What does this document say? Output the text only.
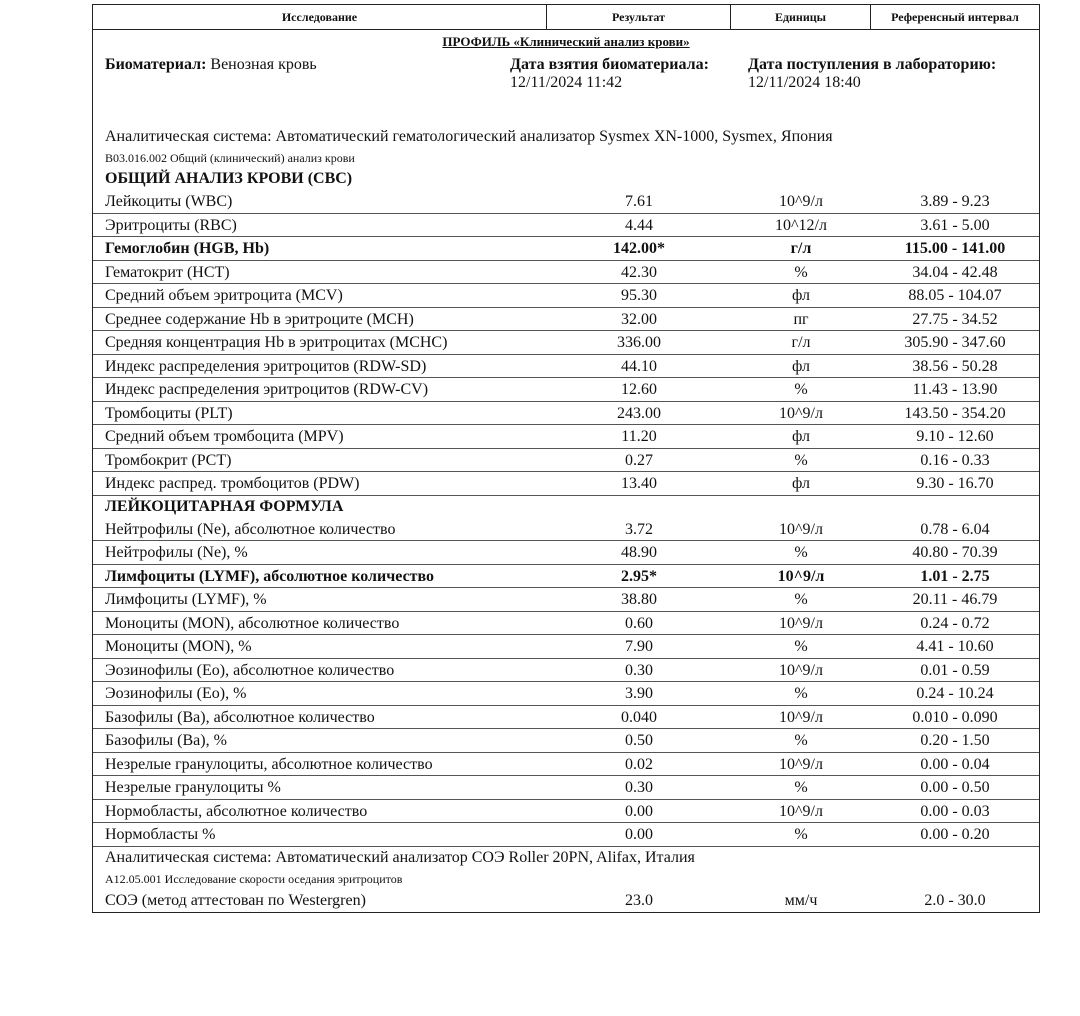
Исследование	Результат	Единицы	Референсный интервал
ПРОФИЛЬ «Клинический анализ крови»
Биоматериал: Венозная кровь	Дата взятия биоматериала:
12/11/2024 11:42
Дата поступления в лабораторию:
12/11/2024 18:40
Аналитическая система: Автоматический гематологический анализатор Sysmex XN-1000, Sysmex, Япония
B03.016.002 Общий (клинический) анализ крови
ОБЩИЙ АНАЛИЗ КРОВИ (CBC)
Лейкоциты (WBC)	7.61	10^9/л	3.89 - 9.23
Эритроциты (RBC)	4.44	10^12/л	3.61 - 5.00
Гемоглобин (HGB, Hb)	142.00*	г/л	115.00 - 141.00
Гематокрит (HCT)	42.30	%	34.04 - 42.48
Средний объем эритроцита (MCV)	95.30	фл	88.05 - 104.07
Среднее содержание Hb в эритроците (MCH)	32.00	пг	27.75 - 34.52
Средняя концентрация Hb в эритроцитах (MCHC)	336.00	г/л	305.90 - 347.60
Индекс распределения эритроцитов (RDW-SD)	44.10	фл	38.56 - 50.28
Индекс распределения эритроцитов (RDW-CV)	12.60	%	11.43 - 13.90
Тромбоциты (PLT)	243.00	10^9/л	143.50 - 354.20
Средний объем тромбоцита (MPV)	11.20	фл	9.10 - 12.60
Тромбокрит (PCT)	0.27	%	0.16 - 0.33
Индекс распред. тромбоцитов (PDW)	13.40	фл	9.30 - 16.70
ЛЕЙКОЦИТАРНАЯ ФОРМУЛА
Нейтрофилы (Ne), абсолютное количество	3.72	10^9/л	0.78 - 6.04
Нейтрофилы (Ne), %	48.90	%	40.80 - 70.39
Лимфоциты (LYMF), абсолютное количество	2.95*	10^9/л	1.01 - 2.75
Лимфоциты (LYMF), %	38.80	%	20.11 - 46.79
Моноциты (MON), абсолютное количество	0.60	10^9/л	0.24 - 0.72
Моноциты (MON), %	7.90	%	4.41 - 10.60
Эозинофилы (Eo), абсолютное количество	0.30	10^9/л	0.01 - 0.59
Эозинофилы (Eo), %	3.90	%	0.24 - 10.24
Базофилы (Ba), абсолютное количество	0.040	10^9/л	0.010 - 0.090
Базофилы (Ba), %	0.50	%	0.20 - 1.50
Незрелые гранулоциты, абсолютное количество	0.02	10^9/л	0.00 - 0.04
Незрелые гранулоциты %	0.30	%	0.00 - 0.50
Нормобласты, абсолютное количество	0.00	10^9/л	0.00 - 0.03
Нормобласты %	0.00	%	0.00 - 0.20
Аналитическая система: Автоматический анализатор СОЭ Roller 20PN, Alifax, Италия
A12.05.001 Исследование скорости оседания эритроцитов
СОЭ (метод аттестован по Westergren)	23.0	мм/ч	2.0 - 30.0
